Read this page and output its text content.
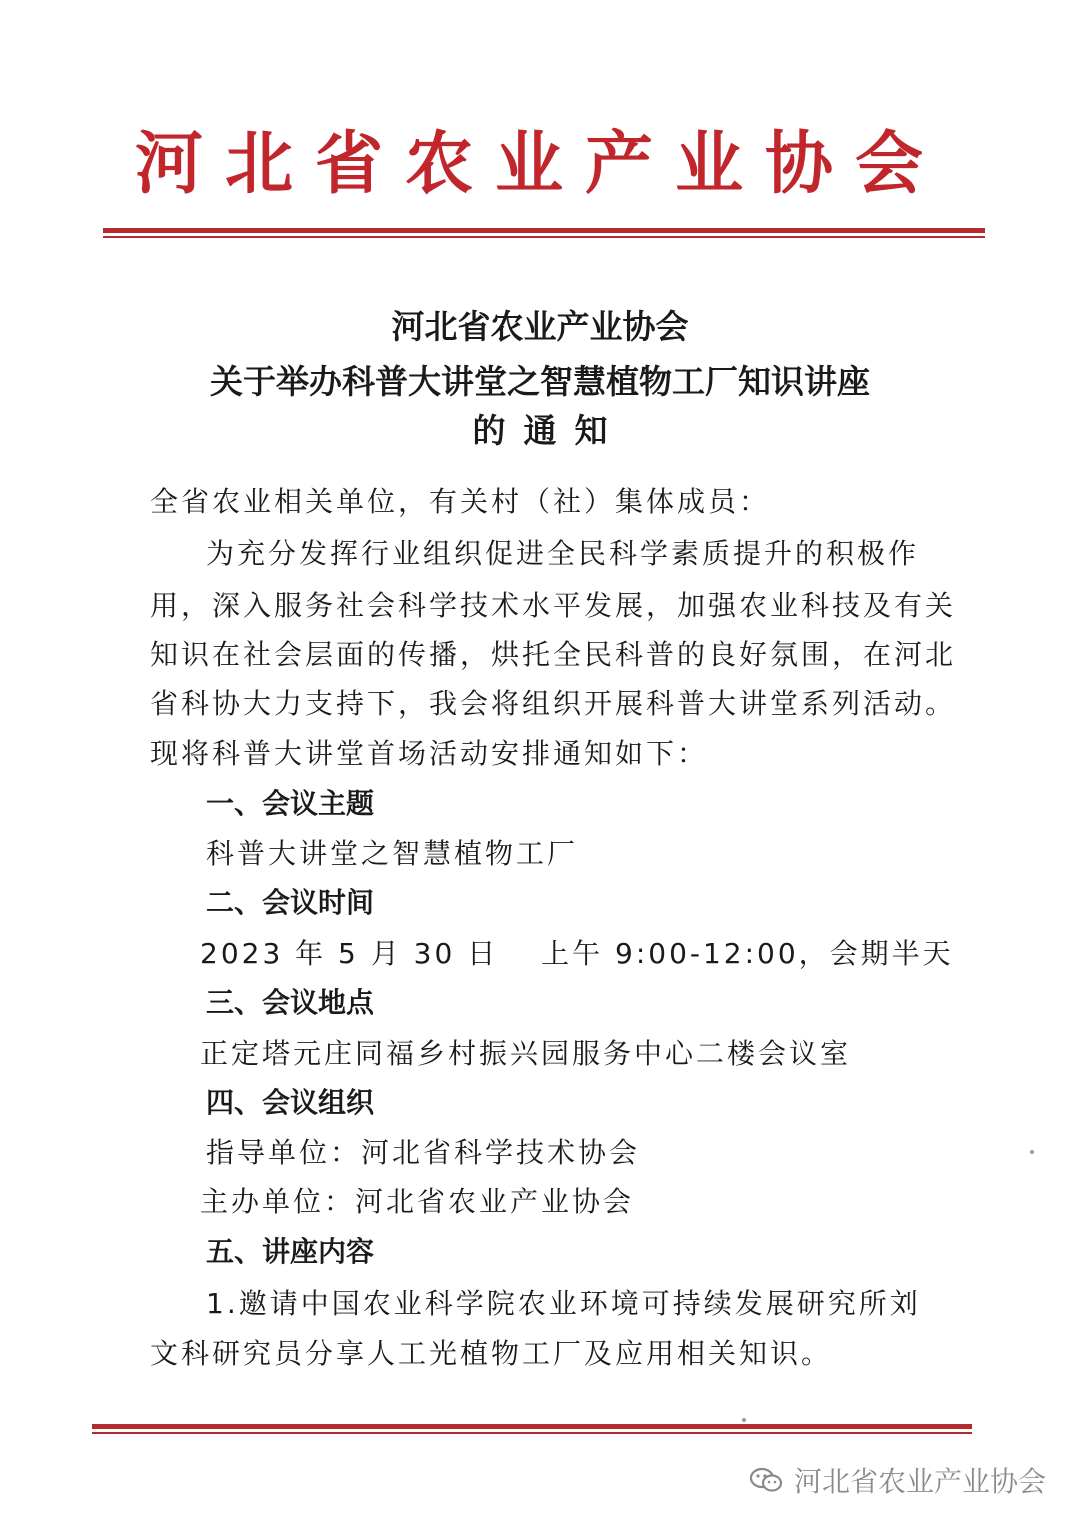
河北省农业产业协会
河北省农业产业协会
关于举办科普大讲堂之智慧植物工厂知识讲座
的通知
全省农业相关单位，有关村（社）集体成员：
为充分发挥行业组织促进全民科学素质提升的积极作
用，深入服务社会科学技术水平发展，加强农业科技及有关
知识在社会层面的传播，烘托全民科普的良好氛围，在河北
省科协大力支持下，我会将组织开展科普大讲堂系列活动。
现将科普大讲堂首场活动安排通知如下：
一、会议主题
科普大讲堂之智慧植物工厂
二、会议时间
2023 年 5 月 30 日　 上午 9:00-12:00，会期半天
三、会议地点
正定塔元庄同福乡村振兴园服务中心二楼会议室
四、会议组织
指导单位：河北省科学技术协会
主办单位：河北省农业产业协会
五、讲座内容
1.邀请中国农业科学院农业环境可持续发展研究所刘
文科研究员分享人工光植物工厂及应用相关知识。
河北省农业产业协会
